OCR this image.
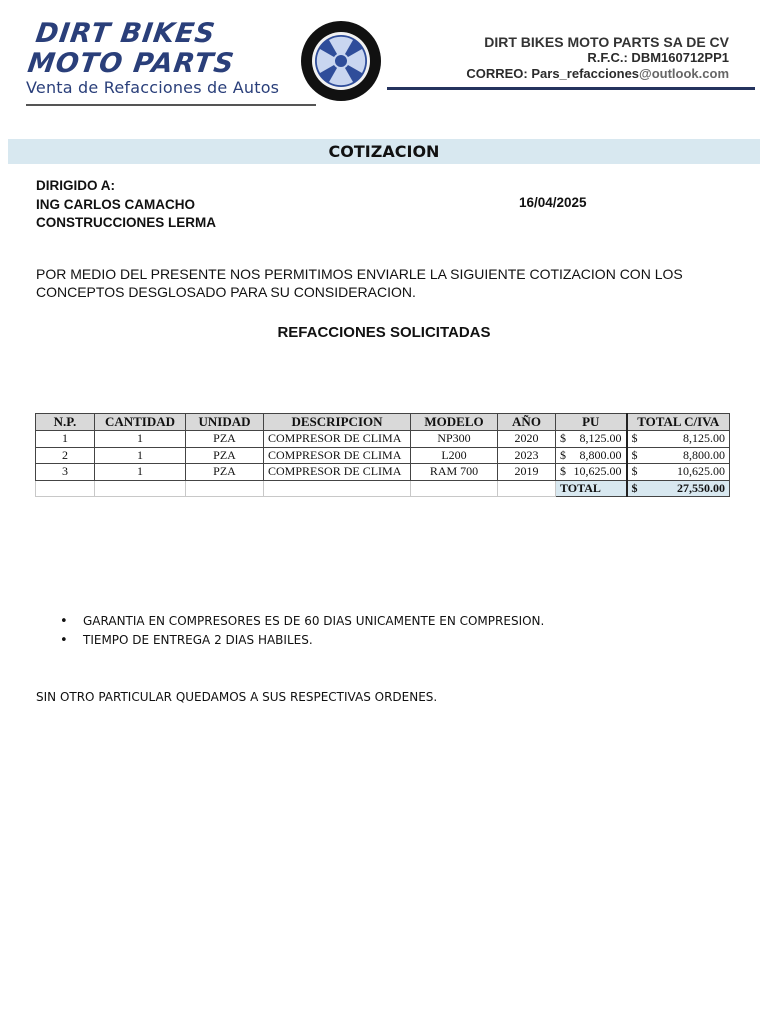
DIRT BIKES
MOTO PARTS
Venta de Refacciones de Autos
DIRT BIKES MOTO PARTS SA DE CV
R.F.C.: DBM160712PP1
CORREO: Pars_refacciones@outlook.com
COTIZACION
DIRIGIDO A:
ING CARLOS CAMACHO
CONSTRUCCIONES LERMA
16/04/2025
POR MEDIO DEL PRESENTE NOS PERMITIMOS ENVIARLE LA SIGUIENTE COTIZACION CON LOS CONCEPTOS DESGLOSADO PARA SU CONSIDERACION.
REFACCIONES SOLICITADAS
N.P.	CANTIDAD	UNIDAD	DESCRIPCION	MODELO	AÑO	PU	TOTAL C/IVA
1	1	PZA	COMPRESOR DE CLIMA	NP300	2020	$ 8,125.00	$ 8,125.00

2	1	PZA	COMPRESOR DE CLIMA	L200	2023	$ 8,800.00	$ 8,800.00

3	1	PZA	COMPRESOR DE CLIMA	RAM 700	2019	$ 10,625.00	$ 10,625.00

						TOTAL	$ 27,550.00
• GARANTIA EN COMPRESORES ES DE 60 DIAS UNICAMENTE EN COMPRESION.
• TIEMPO DE ENTREGA 2 DIAS HABILES.
SIN OTRO PARTICULAR QUEDAMOS A SUS RESPECTIVAS ORDENES.
